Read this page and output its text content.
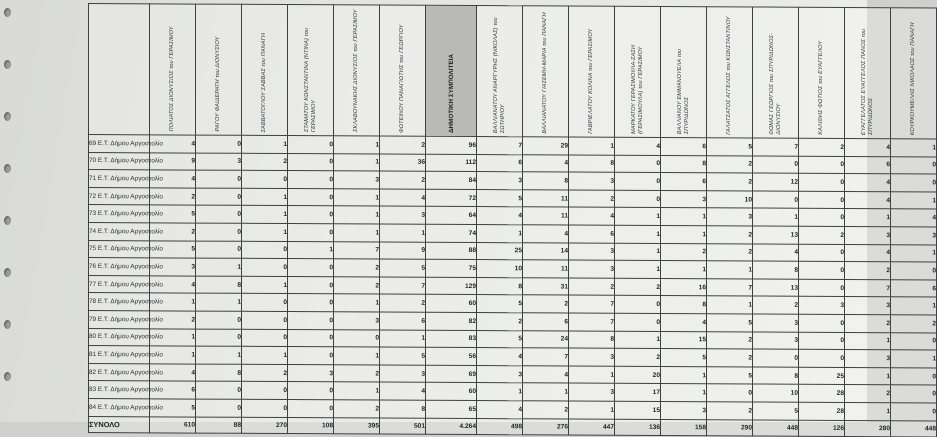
	ΠΟΛΙΑΤΟΣ ΔΙΟΝΥΣΙΟΣ του ΓΕΡΑΣΙΜΟΥ	ΡΑΓΟΥ ΦΑΙΔΕΡΑΤΗ του ΔΙΟΝΥΣΙΟΥ	ΣΑΒΒΑΤΟΓΛΟΥ ΣΑΒΒΑΣ του ΠΑΝΑΓΗ	ΣΤΑΜΑΤΟΥ ΚΩΝΣΤΑΝΤΙΝΑ (ΝΤΙΝΑ) του ΓΕΡΑΣΙΜΟΥ	ΣΚΛΑΒΟΥΝΑΚΗΣ ΔΙΟΝΥΣΙΟΣ του ΓΕΡΑΣΙΜΟΥ	ΦΩΤΕΙΝΟΥ ΠΑΝΑΓΙΩΤΗΣ του ΓΕΩΡΓΙΟΥ	ΔΗΜΟΤΙΚΗ ΣΥΜΠΟΛΙΤΕΙΑ	ΒΑΛΛΙΑΝΑΤΟΥ ΑΝΑΡΓΥΡΗΣ (ΝΙΚΟΛΑΣ) του ΣΩΤΗΡΙΟΥ	ΒΑΛΛΙΑΝΑΤΟΥ ΓΙΑΣΕΜΗ-ΜΑΡΙΑ του ΠΑΝΑΓΗ	ΓΑΒΡΙΕΛΑΤΟΥ ΚΟΛΙΝΑ του ΓΕΡΑΣΙΜΟΥ	ΜΑΡΚΑΤΟΥ ΓΕΡΑΣΙΜΟΥΛΑ-ΣΑΣΗ (ΓΕΡΑΣΙΜΟΥΛΑ) του ΓΕΡΑΣΙΜΟΥ	ΒΑΛΛΙΑΝΟΥ ΕΜΜΑΝΟΥΕΛΑ του ΣΠΥΡΙΔΩΝΟΣ	ΓΑΛΑΤΣΑΤΟΣ ΑΓΓΕΛΟΣ του ΚΩΝΣΤΑΝΤΙΝΟΥ	ΘΩΜΑΣ ΓΕΩΡΓΙΟΣ του ΣΠΥΡΙΔΩΝΟΣ-ΔΙΟΝΥΣΙΟΥ	ΚΑΛΙΘΗΣ ΦΩΤΙΟΣ του ΕΥΑΓΓΕΛΟΥ	ΕΥΑΓΓΕΛΑΤΟΣ ΕΥΑΓΓΕΛΟΣ ΠΑΝΟΣ του ΣΠΥΡΙΔΩΝΟΣ	ΚΟΥΡΚΟΥΜΕΛΗΣ ΝΙΚΟΛΑΟΣ του ΠΑΝΑΓΗ

69 Ε.Τ. Δήμου Αργοστολίο	4	0	1	0	1	2	96	7	29	1	4	6	5	7	2	4	1
70 Ε.Τ. Δήμου Αργοστολίο	9	3	2	0	1	36	112	6	4	8	0	8	2	0	0	6	0
71 Ε.Τ. Δήμου Αργοστολίο	4	0	0	0	3	2	84	3	8	3	0	6	2	12	0	4	0
72 Ε.Τ. Δήμου Αργοστολίο	2	0	1	0	1	4	72	5	11	2	0	3	10	0	0	4	1
73 Ε.Τ. Δήμου Αργοστολίο	5	0	1	0	1	3	64	4	11	4	1	1	3	1	0	1	4
74 Ε.Τ. Δήμου Αργοστολίο	2	0	1	0	1	1	74	1	4	6	1	1	2	13	2	3	3
75 Ε.Τ. Δήμου Αργοστολίο	5	0	0	1	7	9	88	25	14	3	1	2	2	4	0	4	1
76 Ε.Τ. Δήμου Αργοστολίο	3	1	0	0	2	5	75	10	11	3	1	1	1	8	0	2	0
77 Ε.Τ. Δήμου Αργοστολίο	4	8	1	0	2	7	129	8	31	2	2	16	7	13	0	7	6
78 Ε.Τ. Δήμου Αργοστολίο	1	1	0	0	1	2	60	5	2	7	0	8	1	2	3	3	1
79 Ε.Τ. Δήμου Αργοστολίο	2	0	0	0	3	6	82	2	6	7	0	4	5	3	0	2	2
80 Ε.Τ. Δήμου Αργοστολίο	1	0	0	0	0	1	83	5	24	8	1	15	2	3	0	1	0
81 Ε.Τ. Δήμου Αργοστολίο	1	1	1	0	1	5	56	4	7	3	2	5	2	0	0	3	1
82 Ε.Τ. Δήμου Αργοστολίο	4	8	2	3	2	3	69	3	4	1	20	1	5	8	25	1	0
83 Ε.Τ. Δήμου Αργοστολίο	6	0	0	0	1	4	60	1	1	3	17	1	0	10	28	2	0
84 Ε.Τ. Δήμου Αργοστολίο	5	0	0	0	2	8	65	4	2	1	15	3	2	5	28	1	0
ΣΥΝΟΛΟ	610	88	270	108	395	501	4.264	498	276	447	136	158	290	448	126	280	448
